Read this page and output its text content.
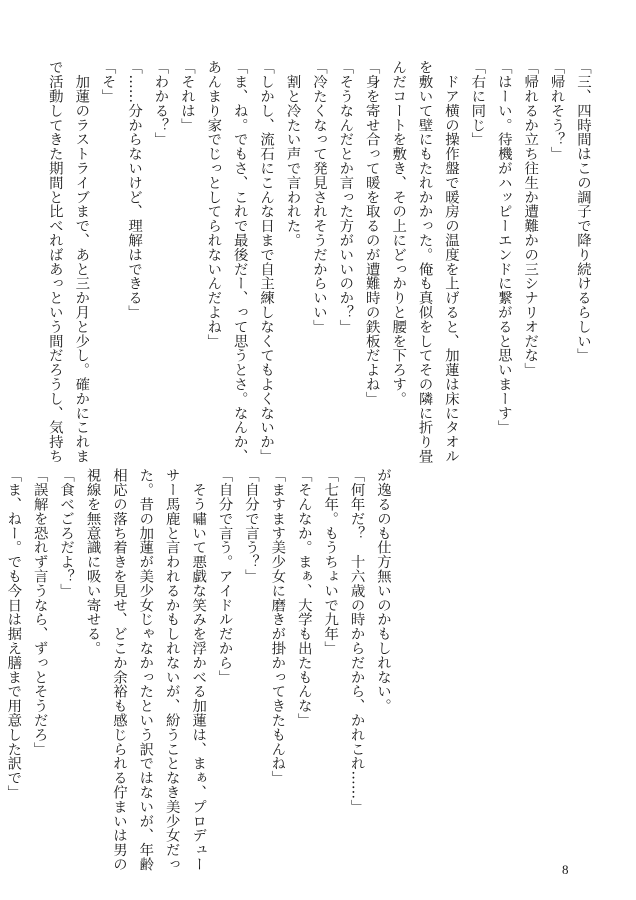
「三、四時間はこの調子で降り続けるらしい」

「帰れそう？」

「帰れるか立ち往生か遭難かの三シナリオだな」

「はーい。待機がハッピーエンドに繋がると思いまーす」

「右に同じ」

　ドア横の操作盤で暖房の温度を上げると、加蓮は床にタオル

を敷いて壁にもたれかかった。俺も真似をしてその隣に折り畳

んだコートを敷き、その上にどっかりと腰を下ろす。

「身を寄せ合って暖を取るのが遭難時の鉄板だよね」

「そうなんだとか言った方がいいのか？」

「冷たくなって発見されそうだからいい」

　割と冷たい声で言われた。

「しかし、流石にこんな日まで自主練しなくてもよくないか」

「ま、ね。でもさ、これで最後だー、って思うとさ。なんか、

あんまり家でじっとしてられないんだよね」

「それは」

「わかる？」

「……分からないけど、理解はできる」

「そ」

　加蓮のラストライブまで、あと三か月と少し。確かにこれま

で活動してきた期間と比べればあっという間だろうし、気持ち

が逸るのも仕方無いのかもしれない。

「何年だ？　十六歳の時からだから、かれこれ……」

「七年。もうちょいで九年」

「そんなか。まぁ、大学も出たもんな」

「ますます美少女に磨きが掛かってきたもんね」

「自分で言う？」

「自分で言う。アイドルだから」

　そう嘯いて悪戯な笑みを浮かべる加蓮は、まぁ、プロデュー

サー馬鹿と言われるかもしれないが、紛うことなき美少女だっ

た。昔の加蓮が美少女じゃなかったという訳ではないが、年齢

相応の落ち着きを見せ、どこか余裕も感じられる佇まいは男の

視線を無意識に吸い寄せる。

「食べごろだよ？」

「誤解を恐れず言うなら、ずっとそうだろ」

「ま、ねー。でも今日は据え膳まで用意した訳で」

8
